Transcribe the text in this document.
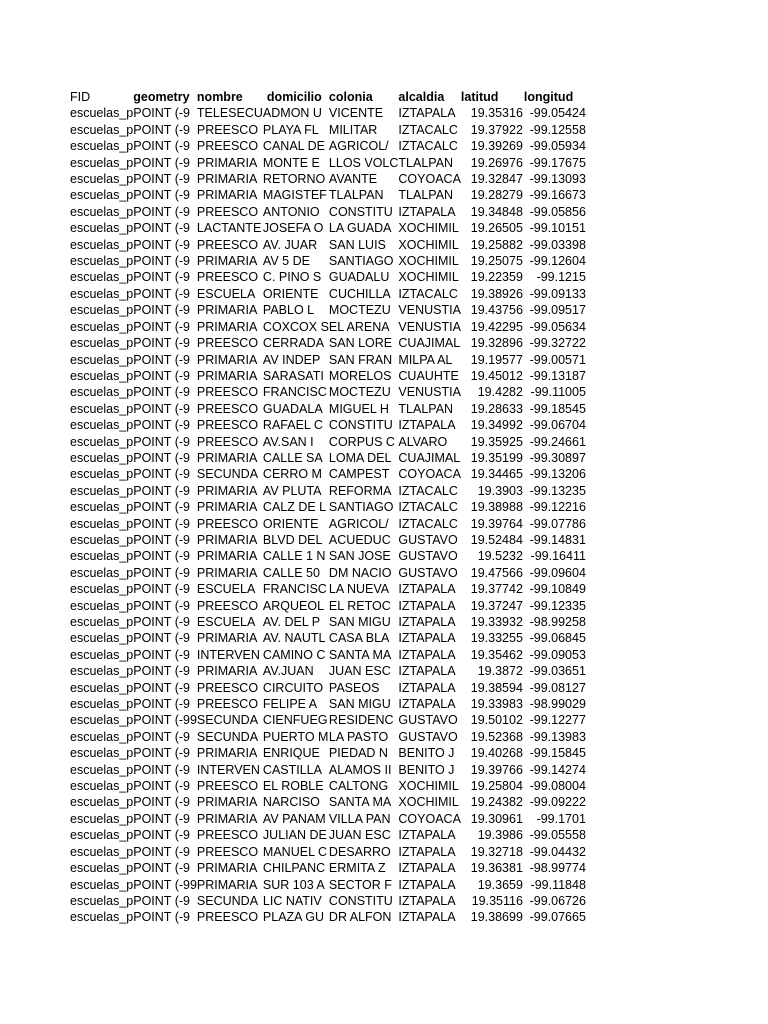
FID	geometry	nombre	domicilio	colonia	alcaldia	latitud	longitud
escuelas_p	POINT (-9	TELESECU	ADMON U	VICENTE	IZTAPALA	19.35316	-99.05424
escuelas_p	POINT (-9	PREESCO	PLAYA FL	MILITAR	IZTACALC	19.37922	-99.12558
escuelas_p	POINT (-9	PREESCO	CANAL DE	AGRICOL/	IZTACALC	19.39269	-99.05934
escuelas_p	POINT (-9	PRIMARIA	MONTE E	LLOS VOLC	TLALPAN	19.26976	-99.17675
escuelas_p	POINT (-9	PRIMARIA	RETORNO	AVANTE	COYOACA	19.32847	-99.13093
escuelas_p	POINT (-9	PRIMARIA	MAGISTEF	TLALPAN	TLALPAN	19.28279	-99.16673
escuelas_p	POINT (-9	PREESCO	ANTONIO	CONSTITU	IZTAPALA	19.34848	-99.05856
escuelas_p	POINT (-9	LACTANTE	JOSEFA O	LA GUADA	XOCHIMIL	19.26505	-99.10151
escuelas_p	POINT (-9	PREESCO	AV. JUAR	SAN LUIS	XOCHIMIL	19.25882	-99.03398
escuelas_p	POINT (-9	PRIMARIA	AV 5 DE	SANTIAGO	XOCHIMIL	19.25075	-99.12604
escuelas_p	POINT (-9	PREESCO	C. PINO S	GUADALU	XOCHIMIL	19.22359	-99.1215
escuelas_p	POINT (-9	ESCUELA	ORIENTE	CUCHILLA	IZTACALC	19.38926	-99.09133
escuelas_p	POINT (-9	PRIMARIA	PABLO L	MOCTEZU	VENUSTIA	19.43756	-99.09517
escuelas_p	POINT (-9	PRIMARIA	COXCOX S	EL ARENA	VENUSTIA	19.42295	-99.05634
escuelas_p	POINT (-9	PREESCO	CERRADA	SAN LORE	CUAJIMAL	19.32896	-99.32722
escuelas_p	POINT (-9	PRIMARIA	AV INDEP	SAN FRAN	MILPA AL	19.19577	-99.00571
escuelas_p	POINT (-9	PRIMARIA	SARASATI	MORELOS	CUAUHTE	19.45012	-99.13187
escuelas_p	POINT (-9	PREESCO	FRANCISC	MOCTEZU	VENUSTIA	19.4282	-99.11005
escuelas_p	POINT (-9	PREESCO	GUADALA	MIGUEL H	TLALPAN	19.28633	-99.18545
escuelas_p	POINT (-9	PREESCO	RAFAEL C	CONSTITU	IZTAPALA	19.34992	-99.06704
escuelas_p	POINT (-9	PREESCO	AV.SAN I	CORPUS C	ALVARO	19.35925	-99.24661
escuelas_p	POINT (-9	PRIMARIA	CALLE SA	LOMA DEL	CUAJIMAL	19.35199	-99.30897
escuelas_p	POINT (-9	SECUNDA	CERRO M	CAMPEST	COYOACA	19.34465	-99.13206
escuelas_p	POINT (-9	PRIMARIA	AV PLUTA	REFORMA	IZTACALC	19.3903	-99.13235
escuelas_p	POINT (-9	PRIMARIA	CALZ DE L	SANTIAGO	IZTACALC	19.38988	-99.12216
escuelas_p	POINT (-9	PREESCO	ORIENTE	AGRICOL/	IZTACALC	19.39764	-99.07786
escuelas_p	POINT (-9	PRIMARIA	BLVD DEL	ACUEDUC	GUSTAVO	19.52484	-99.14831
escuelas_p	POINT (-9	PRIMARIA	CALLE 1 N	SAN JOSE	GUSTAVO	19.5232	-99.16411
escuelas_p	POINT (-9	PRIMARIA	CALLE 50	DM NACIO	GUSTAVO	19.47566	-99.09604
escuelas_p	POINT (-9	ESCUELA	FRANCISC	LA NUEVA	IZTAPALA	19.37742	-99.10849
escuelas_p	POINT (-9	PREESCO	ARQUEOL	EL RETOC	IZTAPALA	19.37247	-99.12335
escuelas_p	POINT (-9	ESCUELA	AV. DEL P	SAN MIGU	IZTAPALA	19.33932	-98.99258
escuelas_p	POINT (-9	PRIMARIA	AV. NAUTL	CASA BLA	IZTAPALA	19.33255	-99.06845
escuelas_p	POINT (-9	INTERVEN	CAMINO C	SANTA MA	IZTAPALA	19.35462	-99.09053
escuelas_p	POINT (-9	PRIMARIA	AV.JUAN	JUAN ESC	IZTAPALA	19.3872	-99.03651
escuelas_p	POINT (-9	PREESCO	CIRCUITO	PASEOS	IZTAPALA	19.38594	-99.08127
escuelas_p	POINT (-9	PREESCO	FELIPE A	SAN MIGU	IZTAPALA	19.33983	-98.99029
escuelas_p	POINT (-99	SECUNDA	CIENFUEG	RESIDENC	GUSTAVO	19.50102	-99.12277
escuelas_p	POINT (-9	SECUNDA	PUERTO M	LA PASTO	GUSTAVO	19.52368	-99.13983
escuelas_p	POINT (-9	PRIMARIA	ENRIQUE	PIEDAD N	BENITO J	19.40268	-99.15845
escuelas_p	POINT (-9	INTERVEN	CASTILLA	ALAMOS II	BENITO J	19.39766	-99.14274
escuelas_p	POINT (-9	PREESCO	EL ROBLE	CALTONG	XOCHIMIL	19.25804	-99.08004
escuelas_p	POINT (-9	PRIMARIA	NARCISO	SANTA MA	XOCHIMIL	19.24382	-99.09222
escuelas_p	POINT (-9	PRIMARIA	AV PANAM	VILLA PAN	COYOACA	19.30961	-99.1701
escuelas_p	POINT (-9	PREESCO	JULIAN DE	JUAN ESC	IZTAPALA	19.3986	-99.05558
escuelas_p	POINT (-9	PREESCO	MANUEL C	DESARRO	IZTAPALA	19.32718	-99.04432
escuelas_p	POINT (-9	PRIMARIA	CHILPANC	ERMITA Z	IZTAPALA	19.36381	-98.99774
escuelas_p	POINT (-99	PRIMARIA	SUR 103 A	SECTOR F	IZTAPALA	19.3659	-99.11848
escuelas_p	POINT (-9	SECUNDA	LIC NATIV	CONSTITU	IZTAPALA	19.35116	-99.06726
escuelas_p	POINT (-9	PREESCO	PLAZA GU	DR ALFON	IZTAPALA	19.38699	-99.07665
